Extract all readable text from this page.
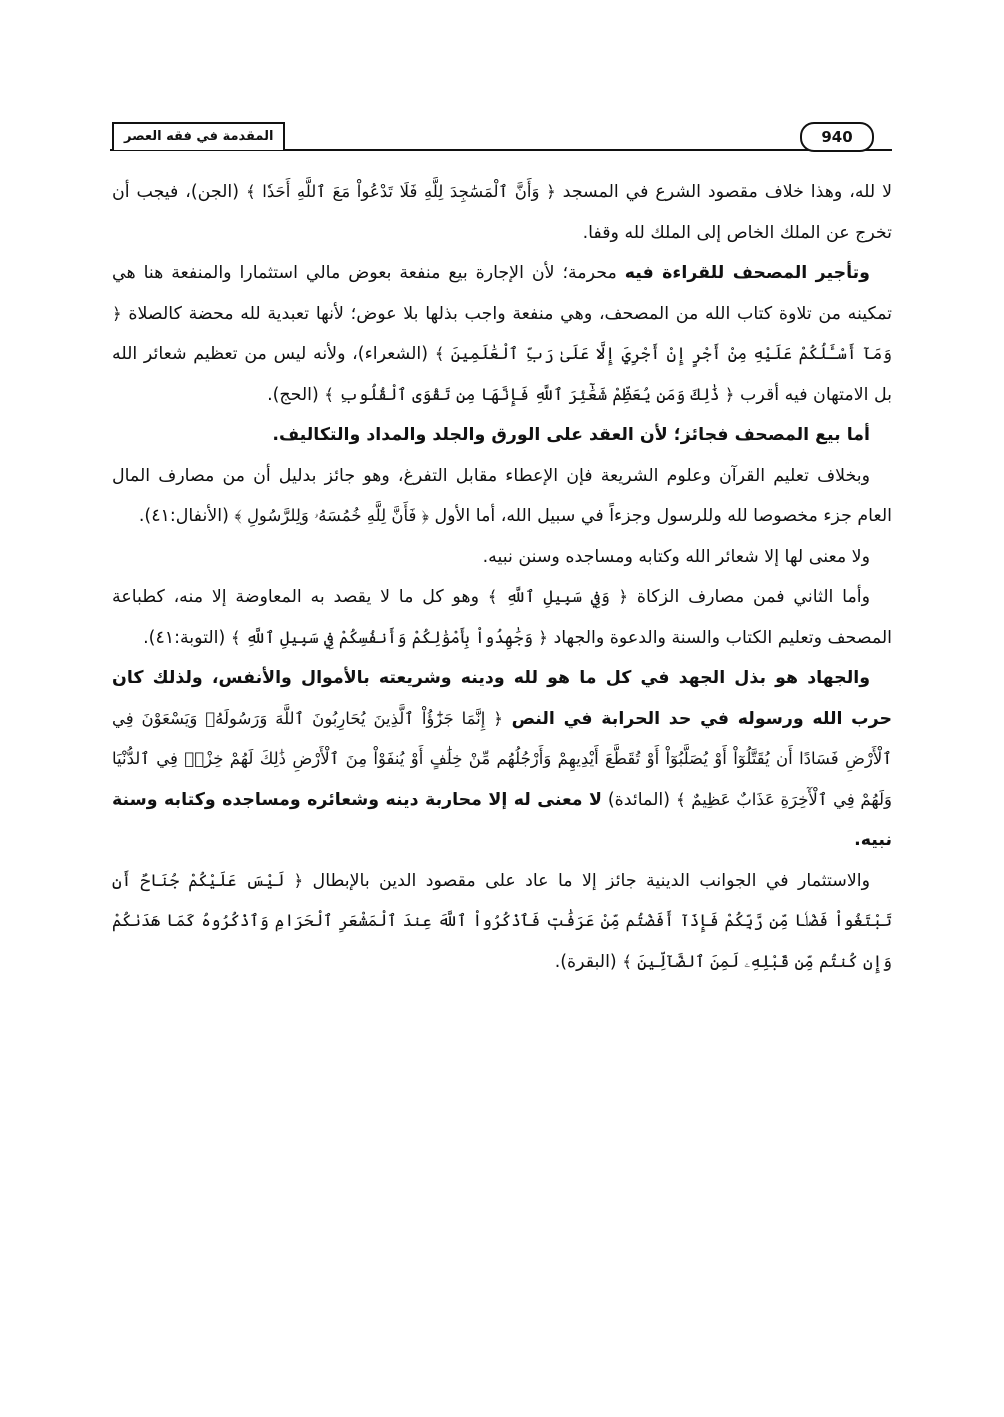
المقدمة في فقه العصر	940

لا لله، وهذا خلاف مقصود الشرع في المسجد ﴿ وَأَنَّ ٱلْمَسَٰجِدَ لِلَّهِ فَلَا تَدْعُواْ مَعَ ٱللَّهِ أَحَدٗا ﴾ (الجن)، فيجب أن تخرج عن الملك الخاص إلى الملك لله وقفا.

وتأجير المصحف للقراءة فيه محرمة؛ لأن الإجارة بيع منفعة بعوض مالي استثمارا والمنفعة هنا هي تمكينه من تلاوة كتاب الله من المصحف، وهي منفعة واجب بذلها بلا عوض؛ لأنها تعبدية لله محضة كالصلاة ﴿ وَمَآ أَسْـَٔلُكُمْ عَلَيْهِ مِنْ أَجْرٍ إِنْ أَجْرِيَ إِلَّا عَلَىٰ رَبِّ ٱلْعَٰلَمِينَ ﴾ (الشعراء)، ولأنه ليس من تعظيم شعائر الله بل الامتهان فيه أقرب ﴿ ذَٰلِكَ وَمَن يُعَظِّمْ شَعَٰٓئِرَ ٱللَّهِ فَإِنَّهَا مِن تَقْوَى ٱلْقُلُوبِ ﴾ (الحج).

أما بيع المصحف فجائز؛ لأن العقد على الورق والجلد والمداد والتكاليف.

وبخلاف تعليم القرآن وعلوم الشريعة فإن الإعطاء مقابل التفرغ، وهو جائز بدليل أن من مصارف المال العام جزء مخصوصا لله وللرسول وجزءاً في سبيل الله، أما الأول ﴿ فَأَنَّ لِلَّهِ خُمُسَهُۥ وَلِلرَّسُولِ ﴾ (الأنفال:٤١).

ولا معنى لها إلا شعائر الله وكتابه ومساجده وسنن نبيه.

وأما الثاني فمن مصارف الزكاة ﴿ وَفِي سَبِيلِ ٱللَّهِ ﴾ وهو كل ما لا يقصد به المعاوضة إلا منه، كطباعة المصحف وتعليم الكتاب والسنة والدعوة والجهاد ﴿ وَجَٰهِدُواْ بِأَمْوَٰلِكُمْ وَأَنفُسِكُمْ فِي سَبِيلِ ٱللَّهِ ﴾ (التوبة:٤١).

والجهاد هو بذل الجهد في كل ما هو لله ودينه وشريعته بالأموال والأنفس، ولذلك كان حرب الله ورسوله في حد الحرابة في النص ﴿ إِنَّمَا جَزَٰٓؤُاْ ٱلَّذِينَ يُحَارِبُونَ ٱللَّهَ وَرَسُولَهُۥ وَيَسْعَوْنَ فِي ٱلْأَرْضِ فَسَادًا أَن يُقَتَّلُوٓاْ أَوْ يُصَلَّبُوٓاْ أَوْ تُقَطَّعَ أَيْدِيهِمْ وَأَرْجُلُهُم مِّنْ خِلَٰفٍ أَوْ يُنفَوْاْ مِنَ ٱلْأَرْضِ ذَٰلِكَ لَهُمْ خِزْيٞ فِي ٱلدُّنْيَا وَلَهُمْ فِي ٱلْأٓخِرَةِ عَذَابٌ عَظِيمٌ ﴾ (المائدة) لا معنى له إلا محاربة دينه وشعائره ومساجده وكتابه وسنة نبيه.

والاستثمار في الجوانب الدينية جائز إلا ما عاد على مقصود الدين بالإبطال ﴿ لَيْسَ عَلَيْكُمْ جُنَاحٌ أَن تَبْتَغُواْ فَضْلٗا مِّن رَّبِّكُمْ فَإِذَآ أَفَضْتُم مِّنْ عَرَفَٰتٖ فَٱذْكُرُواْ ٱللَّهَ عِندَ ٱلْمَشْعَرِ ٱلْحَرَامِ وَٱذْكُرُوهُ كَمَا هَدَىٰكُمْ وَإِن كُنتُم مِّن قَبْلِهِۦ لَمِنَ ٱلضَّآلِّينَ ﴾ (البقرة).
